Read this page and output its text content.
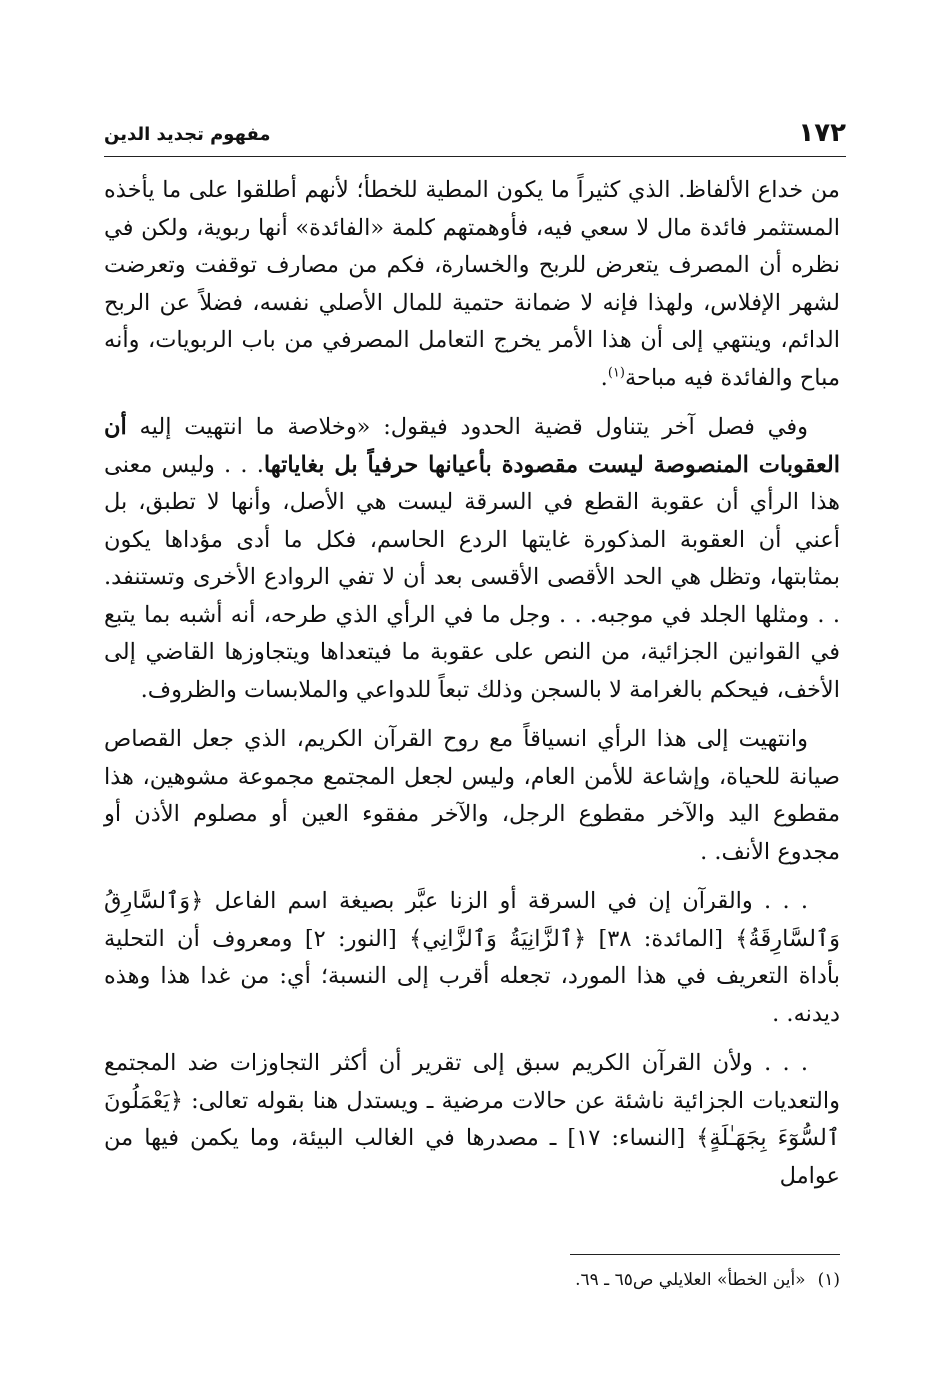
١٧٢
مفهوم تجديد الدين

من خداع الألفاظ. الذي كثيراً ما يكون المطية للخطأ؛ لأنهم أطلقوا على ما يأخذه المستثمر فائدة مال لا سعي فيه، فأوهمتهم كلمة «الفائدة» أنها ربوية، ولكن في نظره أن المصرف يتعرض للربح والخسارة، فكم من مصارف توقفت وتعرضت لشهر الإفلاس، ولهذا فإنه لا ضمانة حتمية للمال الأصلي نفسه، فضلاً عن الربح الدائم، وينتهي إلى أن هذا الأمر يخرج التعامل المصرفي من باب الربويات، وأنه مباح والفائدة فيه مباحة$^{(١)}$.

وفي فصل آخر يتناول قضية الحدود فيقول: «وخلاصة ما انتهيت إليه أن العقوبات المنصوصة ليست مقصودة بأعيانها حرفياً بل بغاياتها. . . وليس معنى هذا الرأي أن عقوبة القطع في السرقة ليست هي الأصل، وأنها لا تطبق، بل أعني أن العقوبة المذكورة غايتها الردع الحاسم، فكل ما أدى مؤداها يكون بمثابتها، وتظل هي الحد الأقصى الأقسى بعد أن لا تفي الروادع الأخرى وتستنفد. . . ومثلها الجلد في موجبه. . . وجل ما في الرأي الذي طرحه، أنه أشبه بما يتبع في القوانين الجزائية، من النص على عقوبة ما فيتعداها ويتجاوزها القاضي إلى الأخف، فيحكم بالغرامة لا بالسجن وذلك تبعاً للدواعي والملابسات والظروف.

وانتهيت إلى هذا الرأي انسياقاً مع روح القرآن الكريم، الذي جعل القصاص صيانة للحياة، وإشاعة للأمن العام، وليس لجعل المجتمع مجموعة مشوهين، هذا مقطوع اليد والآخر مقطوع الرجل، والآخر مفقوء العين أو مصلوم الأذن أو مجدوع الأنف. .

. . . والقرآن إن في السرقة أو الزنا عبَّر بصيغة اسم الفاعل ﴿وَٱلسَّارِقُ وَٱلسَّارِقَةُ﴾ [المائدة: ٣٨] ﴿ٱلزَّانِيَةُ وَٱلزَّانِي﴾ [النور: ٢] ومعروف أن التحلية بأداة التعريف في هذا المورد، تجعله أقرب إلى النسبة؛ أي: من غدا هذا وهذه ديدنه. .

. . . ولأن القرآن الكريم سبق إلى تقرير أن أكثر التجاوزات ضد المجتمع والتعديات الجزائية ناشئة عن حالات مرضية ـ ويستدل هنا بقوله تعالى: ﴿يَعْمَلُونَ ٱلسُّوٓءَ بِجَهَـٰلَةٍ﴾ [النساء: ١٧] ـ مصدرها في الغالب البيئة، وما يكمن فيها من عوامل

(١)«أين الخطأ» العلايلي ص٦٥ ـ ٦٩.
